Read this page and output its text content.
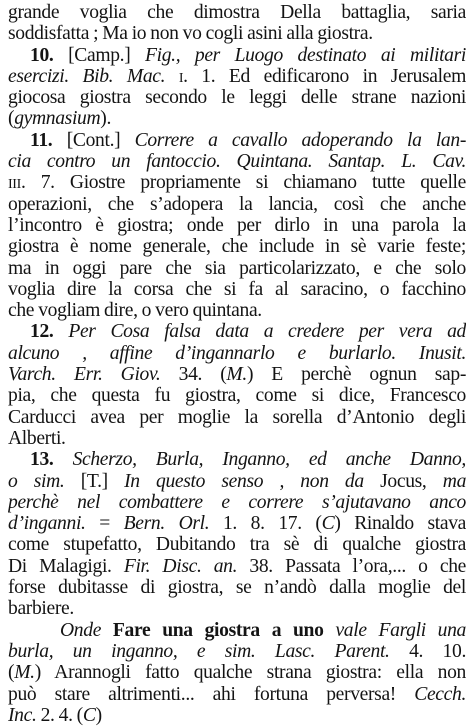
grande voglia che dimostra Della battaglia, saria
soddisfatta ; Ma io non vo cogli asini alla giostra.
10. [Camp.] Fig., per Luogo destinato ai militari
esercizi. Bib. Mac. i. 1. Ed edificarono in Jerusalem
giocosa giostra secondo le leggi delle strane nazioni
(gymnasium).
11. [Cont.] Correre a cavallo adoperando la lan-
cia contro un fantoccio. Quintana. Santap. L. Cav.
iii. 7. Giostre propriamente si chiamano tutte quelle
operazioni, che s’adopera la lancia, così che anche
l’incontro è giostra; onde per dirlo in una parola la
giostra è nome generale, che include in sè varie feste;
ma in oggi pare che sia particolarizzato, e che solo
voglia dire la corsa che si fa al saracino, o facchino
che vogliam dire, o vero quintana.
12. Per Cosa falsa data a credere per vera ad
alcuno , affine d’ingannarlo e burlarlo. Inusit.
Varch. Err. Giov. 34. (M.) E perchè ognun sap-
pia, che questa fu giostra, come si dice, Francesco
Carducci avea per moglie la sorella d’Antonio degli
Alberti.
13. Scherzo, Burla, Inganno, ed anche Danno,
o sim. [T.] In questo senso , non da Jocus, ma
perchè nel combattere e correre s’ajutavano anco
d’inganni. = Bern. Orl. 1. 8. 17. (C) Rinaldo stava
come stupefatto, Dubitando tra sè di qualche giostra
Di Malagigi. Fir. Disc. an. 38. Passata l’ora,... o che
forse dubitasse di giostra, se n’andò dalla moglie del
barbiere.
Onde Fare una giostra a uno vale Fargli una
burla, un inganno, e sim. Lasc. Parent. 4. 10.
(M.) Arannogli fatto qualche strana giostra: ella non
può stare altrimenti... ahi fortuna perversa! Cecch.
Inc. 2. 4. (C)
